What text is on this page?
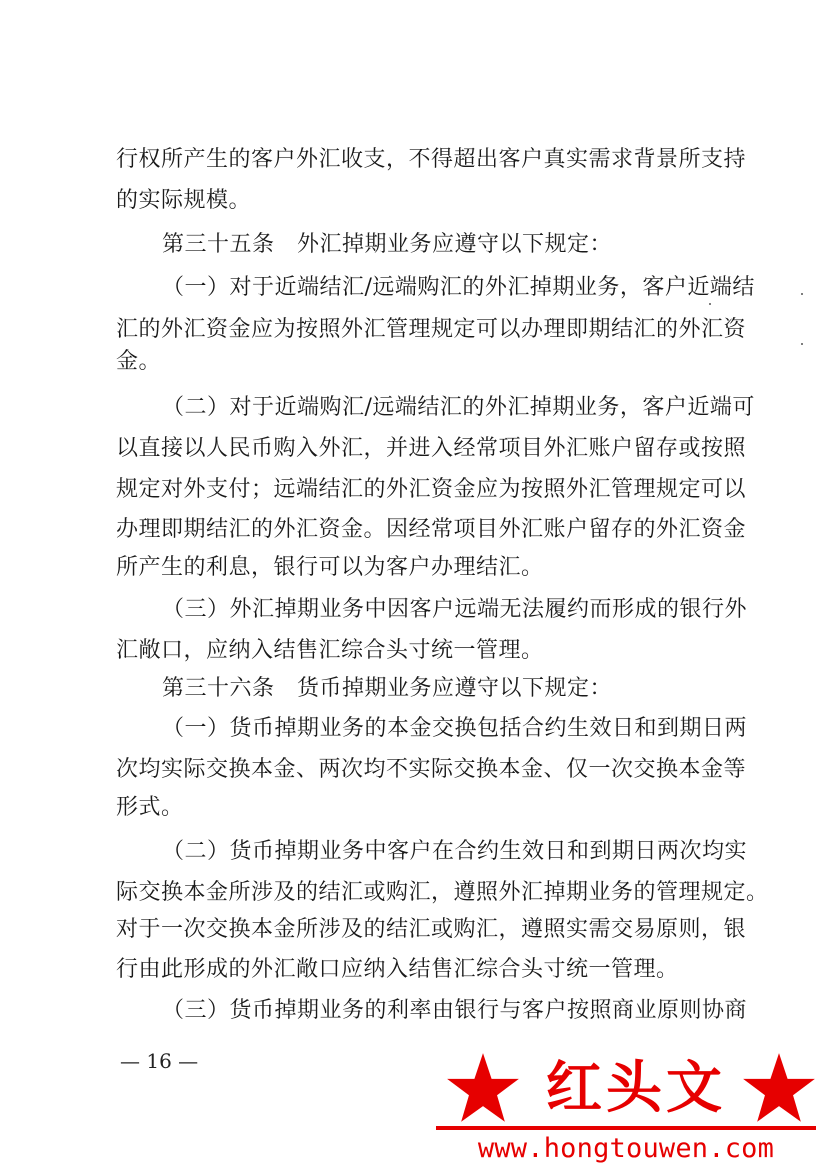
行权所产生的客户外汇收支，不得超出客户真实需求背景所支持
的实际规模。
第三十五条　外汇掉期业务应遵守以下规定：
（一）对于近端结汇/远端购汇的外汇掉期业务，客户近端结
汇的外汇资金应为按照外汇管理规定可以办理即期结汇的外汇资
金。
（二）对于近端购汇/远端结汇的外汇掉期业务，客户近端可
以直接以人民币购入外汇，并进入经常项目外汇账户留存或按照
规定对外支付；远端结汇的外汇资金应为按照外汇管理规定可以
办理即期结汇的外汇资金。因经常项目外汇账户留存的外汇资金
所产生的利息，银行可以为客户办理结汇。
（三）外汇掉期业务中因客户远端无法履约而形成的银行外
汇敞口，应纳入结售汇综合头寸统一管理。
第三十六条　货币掉期业务应遵守以下规定：
（一）货币掉期业务的本金交换包括合约生效日和到期日两
次均实际交换本金、两次均不实际交换本金、仅一次交换本金等
形式。
（二）货币掉期业务中客户在合约生效日和到期日两次均实
际交换本金所涉及的结汇或购汇，遵照外汇掉期业务的管理规定。
对于一次交换本金所涉及的结汇或购汇，遵照实需交易原则，银
行由此形成的外汇敞口应纳入结售汇综合头寸统一管理。
（三）货币掉期业务的利率由银行与客户按照商业原则协商
— 16 —	红头文
www.hongtouwen.com
